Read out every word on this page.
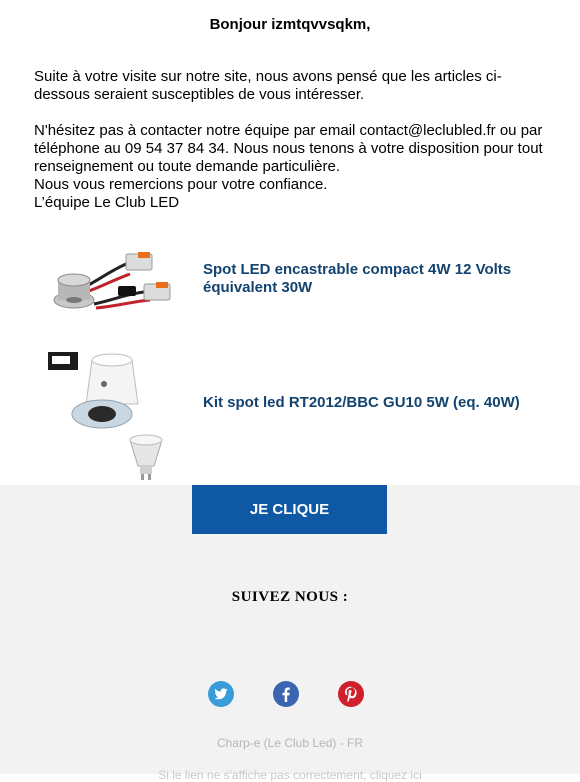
Bonjour izmtqvvsqkm,

Suite à votre visite sur notre site, nous avons pensé que les articles ci-dessous seraient susceptibles de vous intéresser.

N'hésitez pas à contacter notre équipe par email contact@leclubled.fr ou par téléphone au 09 54 37 84 34. Nous nous tenons à votre disposition pour tout renseignement ou toute demande particulière.

Nous vous remercions pour votre confiance.

L’équipe Le Club LED

Spot LED encastrable compact 4W 12 Volts équivalent 30W
Kit spot led RT2012/BBC GU10 5W (eq. 40W)
JE CLIQUE
SUIVEZ NOUS :
Charp-e (Le Club Led) - FR
Si le lien ne s'affiche pas correctement, cliquez ici
